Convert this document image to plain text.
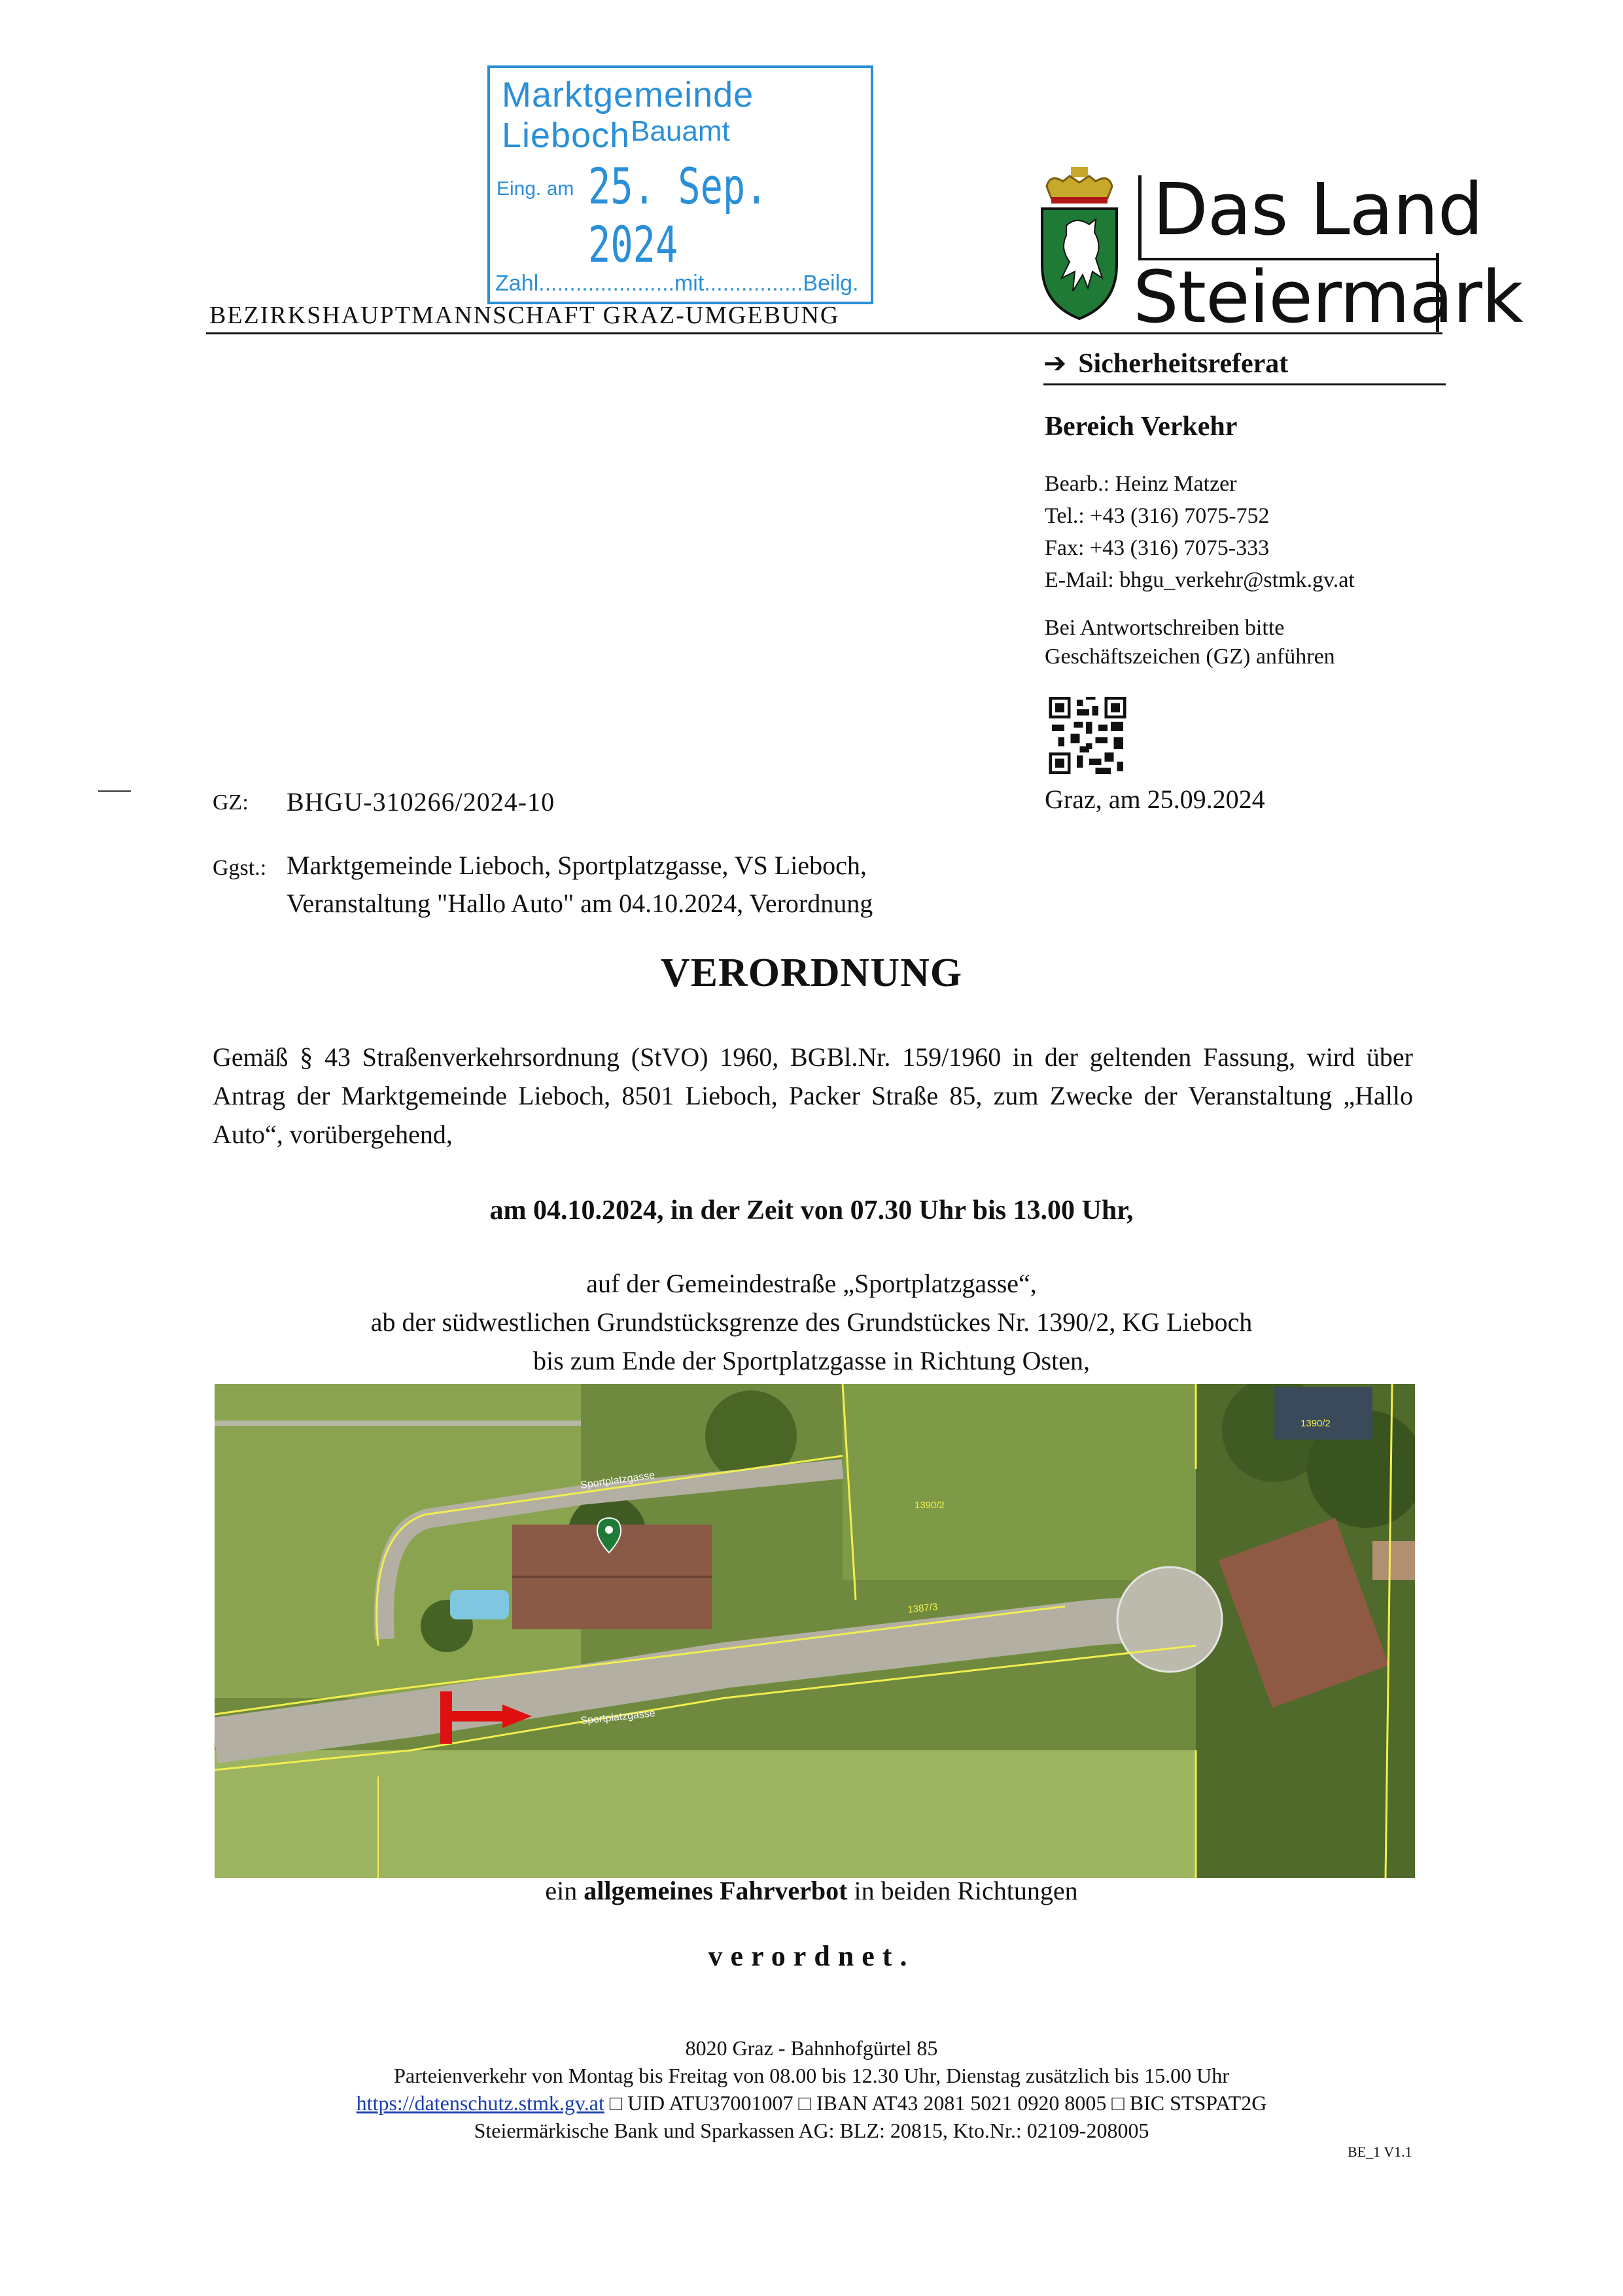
Marktgemeinde Lieboch Bauamt
Eing. am 25. Sep. 2024
Zahl......................mit................Beilg.
BEZIRKSHAUPTMANNSCHAFT GRAZ-UMGEBUNG
Das Land
Steiermark
➔ Sicherheitsreferat
Bereich Verkehr
Bearb.: Heinz Matzer
Tel.: +43 (316) 7075-752
Fax: +43 (316) 7075-333
E-Mail: bhgu_verkehr@stmk.gv.at
Bei Antwortschreiben bitte
Geschäftszeichen (GZ) anführen
Graz, am 25.09.2024
GZ: BHGU-310266/2024-10
Ggst.: Marktgemeinde Lieboch, Sportplatzgasse, VS Lieboch,
Veranstaltung "Hallo Auto" am 04.10.2024, Verordnung
VERORDNUNG
Gemäß § 43 Straßenverkehrsordnung (StVO) 1960, BGBl.Nr. 159/1960 in der geltenden Fassung, wird über Antrag der Marktgemeinde Lieboch, 8501 Lieboch, Packer Straße 85, zum Zwecke der Veranstaltung „Hallo Auto“, vorübergehend,
am 04.10.2024, in der Zeit von 07.30 Uhr bis 13.00 Uhr,
auf der Gemeindestraße „Sportplatzgasse“,
ab der südwestlichen Grundstücksgrenze des Grundstückes Nr. 1390/2, KG Lieboch
bis zum Ende der Sportplatzgasse in Richtung Osten,
Sportplatzgasse
Sportplatzgasse
1390/2
1387/3
1390/2
ein allgemeines Fahrverbot in beiden Richtungen
verordnet.
8020 Graz - Bahnhofgürtel 85
Parteienverkehr von Montag bis Freitag von 08.00 bis 12.30 Uhr, Dienstag zusätzlich bis 15.00 Uhr
https://datenschutz.stmk.gv.at □ UID ATU37001007 □ IBAN AT43 2081 5021 0920 8005 □ BIC STSPAT2G
Steiermärkische Bank und Sparkassen AG: BLZ: 20815, Kto.Nr.: 02109-208005
BE_1 V1.1
